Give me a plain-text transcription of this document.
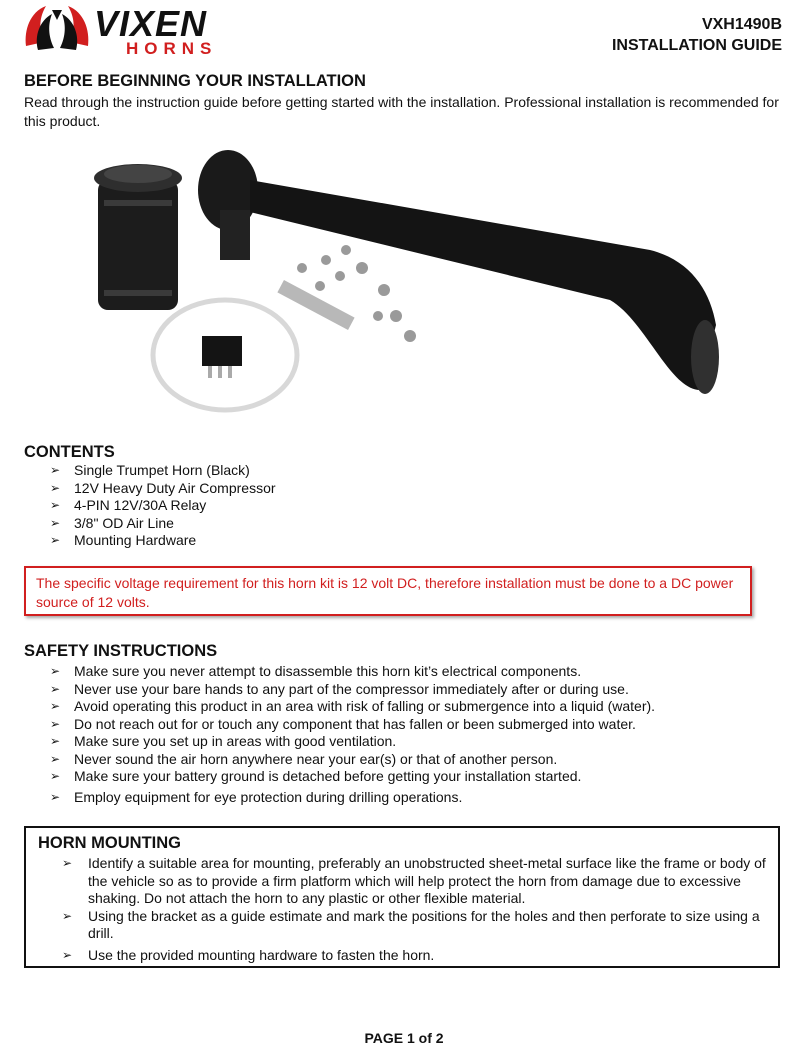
VIXEN
HORNS
VXH1490B
INSTALLATION GUIDE
BEFORE BEGINNING YOUR INSTALLATION
Read through the instruction guide before getting started with the installation. Professional installation is recommended for this product.
CONTENTS
➢ Single Trumpet Horn (Black)
➢ 12V Heavy Duty Air Compressor
➢ 4-PIN 12V/30A Relay
➢ 3/8" OD Air Line
➢ Mounting Hardware
The specific voltage requirement for this horn kit is 12 volt DC, therefore installation must be done to a DC power source of 12 volts.
SAFETY INSTRUCTIONS
➢ Make sure you never attempt to disassemble this horn kit’s electrical components.
➢ Never use your bare hands to any part of the compressor immediately after or during use.
➢ Avoid operating this product in an area with risk of falling or submergence into a liquid (water).
➢ Do not reach out for or touch any component that has fallen or been submerged into water.
➢ Make sure you set up in areas with good ventilation.
➢ Never sound the air horn anywhere near your ear(s) or that of another person.
➢ Make sure your battery ground is detached before getting your installation started.
➢ Employ equipment for eye protection during drilling operations.
HORN MOUNTING
➢ Identify a suitable area for mounting, preferably an unobstructed sheet-metal surface like the frame or body of the vehicle so as to provide a firm platform which will help protect the horn from damage due to excessive shaking. Do not attach the horn to any plastic or other flexible material.
➢ Using the bracket as a guide estimate and mark the positions for the holes and then perforate to size using a drill.
➢ Use the provided mounting hardware to fasten the horn.
PAGE 1 of 2
